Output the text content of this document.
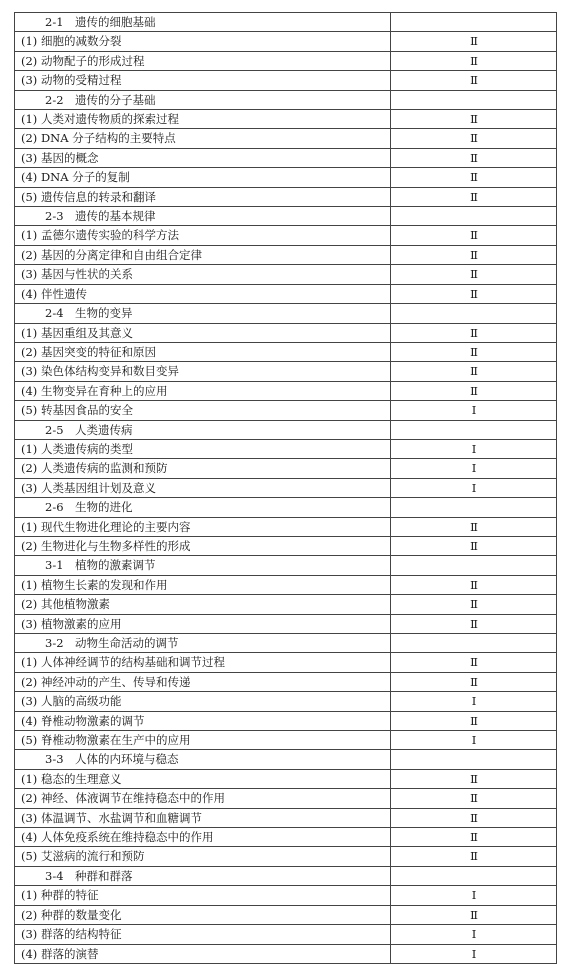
2-1　遗传的细胞基础	
(1) 细胞的减数分裂	Ⅱ
(2) 动物配子的形成过程	Ⅱ
(3) 动物的受精过程	Ⅱ
2-2　遗传的分子基础	
(1) 人类对遗传物质的探索过程	Ⅱ
(2) DNA 分子结构的主要特点	Ⅱ
(3) 基因的概念	Ⅱ
(4) DNA 分子的复制	Ⅱ
(5) 遗传信息的转录和翻译	Ⅱ
2-3　遗传的基本规律	
(1) 孟德尔遗传实验的科学方法	Ⅱ
(2) 基因的分离定律和自由组合定律	Ⅱ
(3) 基因与性状的关系	Ⅱ
(4) 伴性遗传	Ⅱ
2-4　生物的变异	
(1) 基因重组及其意义	Ⅱ
(2) 基因突变的特征和原因	Ⅱ
(3) 染色体结构变异和数目变异	Ⅱ
(4) 生物变异在育种上的应用	Ⅱ
(5) 转基因食品的安全	Ⅰ
2-5　人类遗传病	
(1) 人类遗传病的类型	Ⅰ
(2) 人类遗传病的监测和预防	Ⅰ
(3) 人类基因组计划及意义	Ⅰ
2-6　生物的进化	
(1) 现代生物进化理论的主要内容	Ⅱ
(2) 生物进化与生物多样性的形成	Ⅱ
3-1　植物的激素调节	
(1) 植物生长素的发现和作用	Ⅱ
(2) 其他植物激素	Ⅱ
(3) 植物激素的应用	Ⅱ
3-2　动物生命活动的调节	
(1) 人体神经调节的结构基础和调节过程	Ⅱ
(2) 神经冲动的产生、传导和传递	Ⅱ
(3) 人脑的高级功能	Ⅰ
(4) 脊椎动物激素的调节	Ⅱ
(5) 脊椎动物激素在生产中的应用	Ⅰ
3-3　人体的内环境与稳态	
(1) 稳态的生理意义	Ⅱ
(2) 神经、体液调节在维持稳态中的作用	Ⅱ
(3) 体温调节、水盐调节和血糖调节	Ⅱ
(4) 人体免疫系统在维持稳态中的作用	Ⅱ
(5) 艾滋病的流行和预防	Ⅱ
3-4　种群和群落	
(1) 种群的特征	Ⅰ
(2) 种群的数量变化	Ⅱ
(3) 群落的结构特征	Ⅰ
(4) 群落的演替	Ⅰ
